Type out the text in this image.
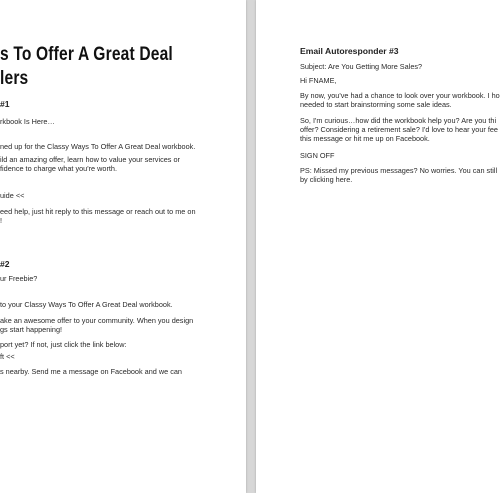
s To Offer A Great Deal
lers
#1
rkbook Is Here…
ned up for the Classy Ways To Offer A Great Deal workbook.
ild an amazing offer, learn how to value your services or
fidence to charge what you're worth.
uide <<
eed help, just hit reply to this message or reach out to me on
!
#2
ur Freebie?
to your Classy Ways To Offer A Great Deal workbook.
ake an awesome offer to your community. When you design
gs start happening!
port yet? If not, just click the link below:
ft <<
s nearby. Send me a message on Facebook and we can
Email Autoresponder #3
Subject: Are You Getting More Sales?
Hi FNAME,
By now, you've had a chance to look over your workbook. I ho
needed to start brainstorming some sale ideas.
So, I'm curious…how did the workbook help you? Are you thi
offer? Considering a retirement sale? I'd love to hear your fee
this message or hit me up on Facebook.
SIGN OFF
PS: Missed my previous messages? No worries. You can still
by clicking here.
